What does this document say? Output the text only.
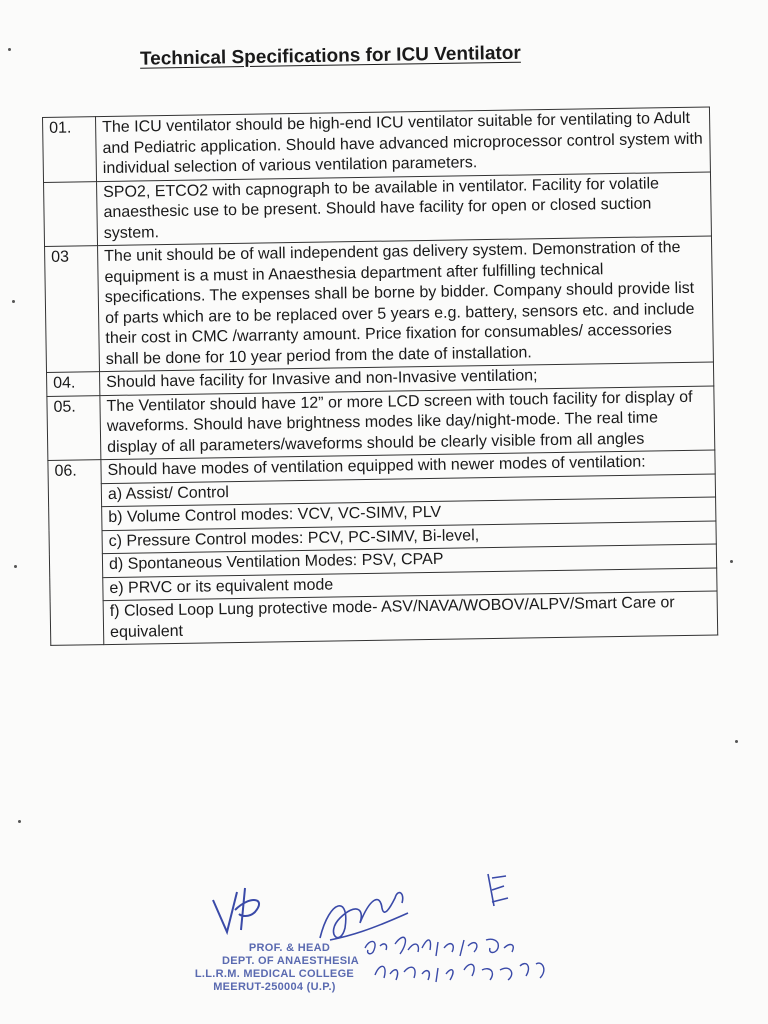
Technical Specifications for ICU Ventilator
01.	The ICU ventilator should be high-end ICU ventilator suitable for ventilating to Adult and Pediatric application. Should have advanced microprocessor control system with individual selection of various ventilation parameters.
	SPO2, ETCO2 with capnograph to be available in ventilator. Facility for volatile anaesthesic use to be present. Should have facility for open or closed suction system.
03	The unit should be of wall independent gas delivery system. Demonstration of the equipment is a must in Anaesthesia department after fulfilling technical specifications. The expenses shall be borne by bidder. Company should provide list of parts which are to be replaced over 5 years e.g. battery, sensors etc. and include their cost in CMC /warranty amount. Price fixation for consumables/ accessories shall be done for 10 year period from the date of installation.
04.	Should have facility for Invasive and non-Invasive ventilation;
05.	The Ventilator should have 12” or more LCD screen with touch facility for display of waveforms. Should have brightness modes like day/night-mode. The real time display of all parameters/waveforms should be clearly visible from all angles
06.	Should have modes of ventilation equipped with newer modes of ventilation:
	a) Assist/ Control
	b) Volume Control modes: VCV, VC-SIMV, PLV
	c) Pressure Control modes: PCV, PC-SIMV, Bi-level,
	d) Spontaneous Ventilation Modes: PSV, CPAP
	e) PRVC or its equivalent mode
	f) Closed Loop Lung protective mode- ASV/NAVA/WOBOV/ALPV/Smart Care or equivalent
PROF. & HEAD
DEPT. OF ANAESTHESIA
L.L.R.M. MEDICAL COLLEGE
MEERUT-250004 (U.P.)
